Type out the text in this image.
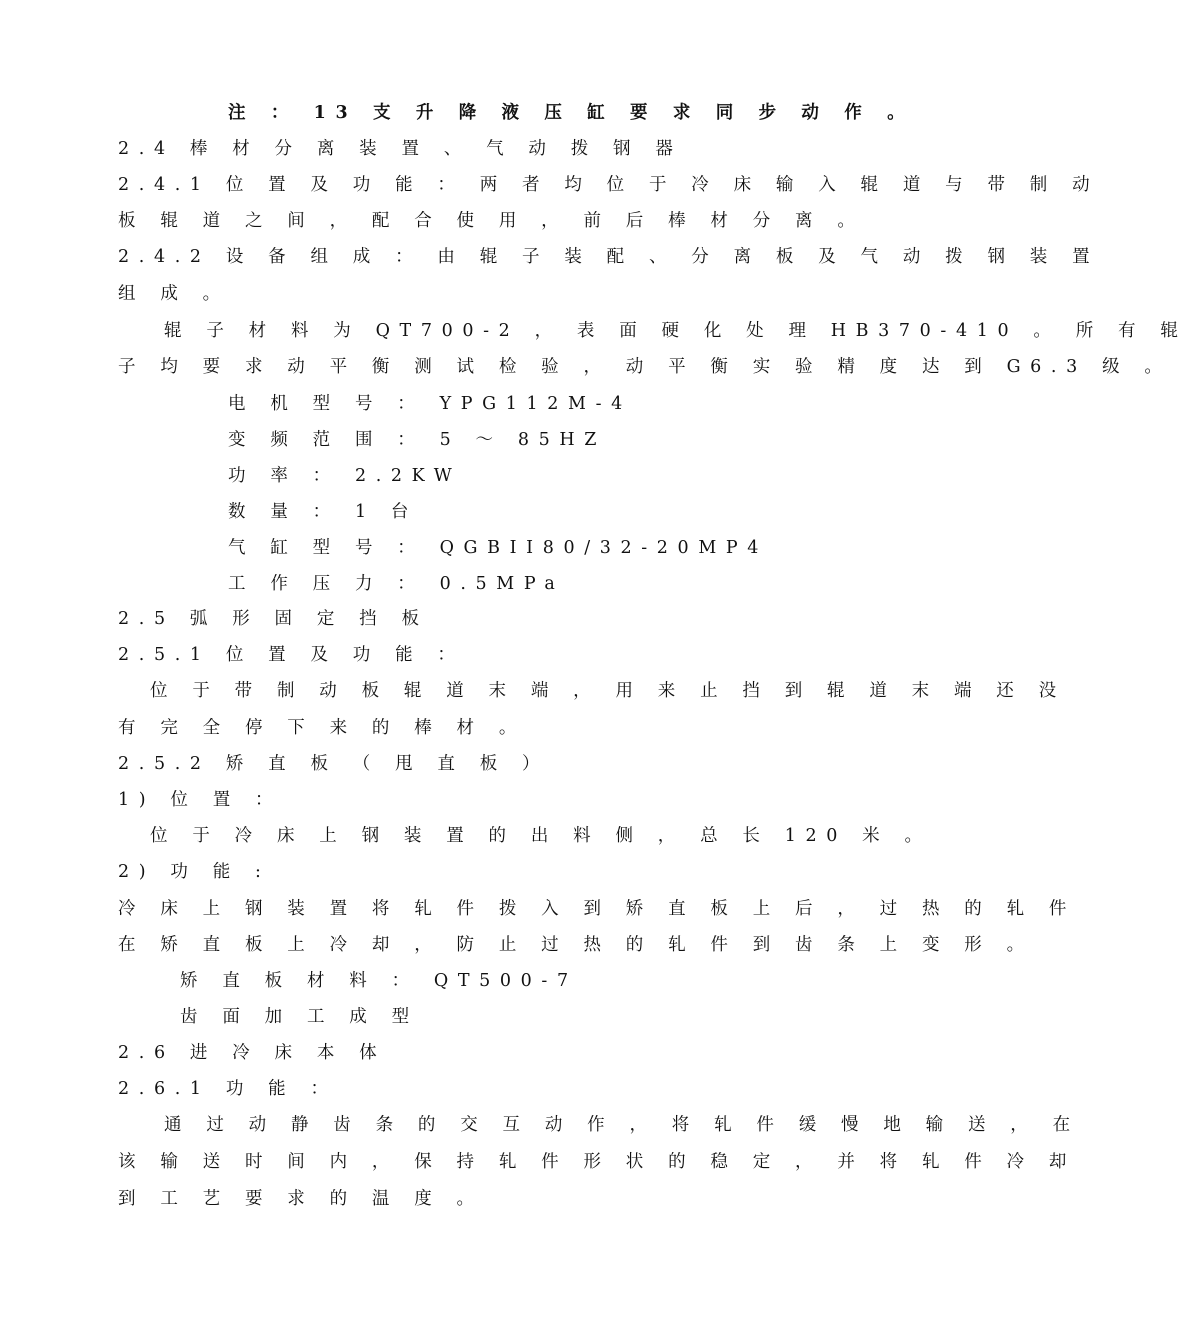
注 ： 13 支 升 降 液 压 缸 要 求 同 步 动 作 。
2.4 棒 材 分 离 装 置 、 气 动 拨 钢 器
2.4.1 位 置 及 功 能 ： 两 者 均 位 于 冷 床 输 入 辊 道 与 带 制 动
板 辊 道 之 间 ， 配 合 使 用 ， 前 后 棒 材 分 离 。
2.4.2 设 备 组 成 ： 由 辊 子 装 配 、 分 离 板 及 气 动 拨 钢 装 置
组 成 。
辊 子 材 料 为 QT700-2 ， 表 面 硬 化 处 理 HB370-410 。 所 有 辊
子 均 要 求 动 平 衡 测 试 检 验 ， 动 平 衡 实 验 精 度 达 到 G6.3 级 。
电 机 型 号 ： YPG112M-4
变 频 范 围 ： 5 ～ 85HZ
功 率 ： 2.2KW
数 量 ： 1 台
气 缸 型 号 ： QGBII80/32-20MP4
工 作 压 力 ： 0.5MPa
2.5 弧 形 固 定 挡 板
2.5.1 位 置 及 功 能 ：
位 于 带 制 动 板 辊 道 末 端 ， 用 来 止 挡 到 辊 道 末 端 还 没
有 完 全 停 下 来 的 棒 材 。
2.5.2 矫 直 板 （ 甩 直 板 ）
1) 位 置 ：
位 于 冷 床 上 钢 装 置 的 出 料 侧 ， 总 长 120 米 。
2) 功 能 :
冷 床 上 钢 装 置 将 轧 件 拨 入 到 矫 直 板 上 后 ， 过 热 的 轧 件
在 矫 直 板 上 冷 却 ， 防 止 过 热 的 轧 件 到 齿 条 上 变 形 。
矫 直 板 材 料 ： QT500-7
齿 面 加 工 成 型
2.6 进 冷 床 本 体
2.6.1 功 能 ：
通 过 动 静 齿 条 的 交 互 动 作 ， 将 轧 件 缓 慢 地 输 送 ， 在
该 输 送 时 间 内 ， 保 持 轧 件 形 状 的 稳 定 ， 并 将 轧 件 冷 却
到 工 艺 要 求 的 温 度 。
